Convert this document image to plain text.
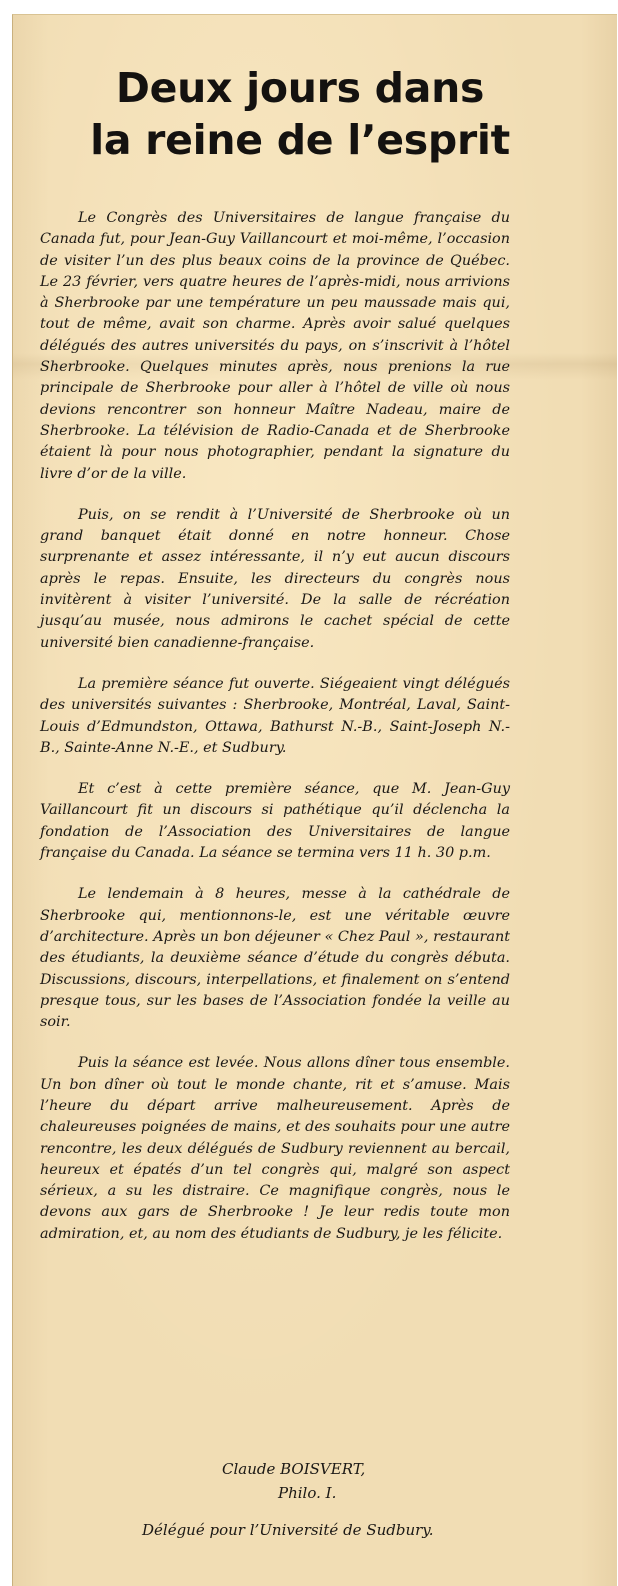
Deux jours dans
la reine de l’esprit

Le Congrès des Universitaires de langue française du Canada fut, pour Jean-Guy Vaillancourt et moi-même, l’occasion de visiter l’un des plus beaux coins de la province de Québec. Le 23 février, vers quatre heures de l’après-midi, nous arrivions à Sherbrooke par une température un peu maussade mais qui, tout de même, avait son charme. Après avoir salué quelques délégués des autres universités du pays, on s’inscrivit à l’hôtel Sherbrooke. Quelques minutes après, nous prenions la rue principale de Sherbrooke pour aller à l’hôtel de ville où nous devions rencontrer son honneur Maître Nadeau, maire de Sherbrooke. La télévision de Radio-Canada et de Sherbrooke étaient là pour nous photographier, pendant la signature du livre d’or de la ville.

Puis, on se rendit à l’Université de Sherbrooke où un grand banquet était donné en notre honneur. Chose surprenante et assez intéressante, il n’y eut aucun discours après le repas. Ensuite, les directeurs du congrès nous invitèrent à visiter l’université. De la salle de récréation jusqu’au musée, nous admirons le cachet spécial de cette université bien canadienne-française.

La première séance fut ouverte. Siégeaient vingt délégués des universités suivantes : Sherbrooke, Montréal, Laval, Saint-Louis d’Edmundston, Ottawa, Bathurst N.-B., Saint-Joseph N.-B., Sainte-Anne N.-E., et Sudbury.

Et c’est à cette première séance, que M. Jean-Guy Vaillancourt fit un discours si pathétique qu’il déclencha la fondation de l’Association des Universitaires de langue française du Canada. La séance se termina vers 11 h. 30 p.m.

Le lendemain à 8 heures, messe à la cathédrale de Sherbrooke qui, mentionnons-le, est une véritable œuvre d’architecture. Après un bon déjeuner « Chez Paul », restaurant des étudiants, la deuxième séance d’étude du congrès débuta. Discussions, discours, interpellations, et finalement on s’entend presque tous, sur les bases de l’Association fondée la veille au soir.

Puis la séance est levée. Nous allons dîner tous ensemble. Un bon dîner où tout le monde chante, rit et s’amuse. Mais l’heure du départ arrive malheureusement. Après de chaleureuses poignées de mains, et des souhaits pour une autre rencontre, les deux délégués de Sudbury reviennent au bercail, heureux et épatés d’un tel congrès qui, malgré son aspect sérieux, a su les distraire. Ce magnifique congrès, nous le devons aux gars de Sherbrooke ! Je leur redis toute mon admiration, et, au nom des étudiants de Sudbury, je les félicite.

Claude BOISVERT,
Philo. I.
Délégué pour l’Université de Sudbury.
